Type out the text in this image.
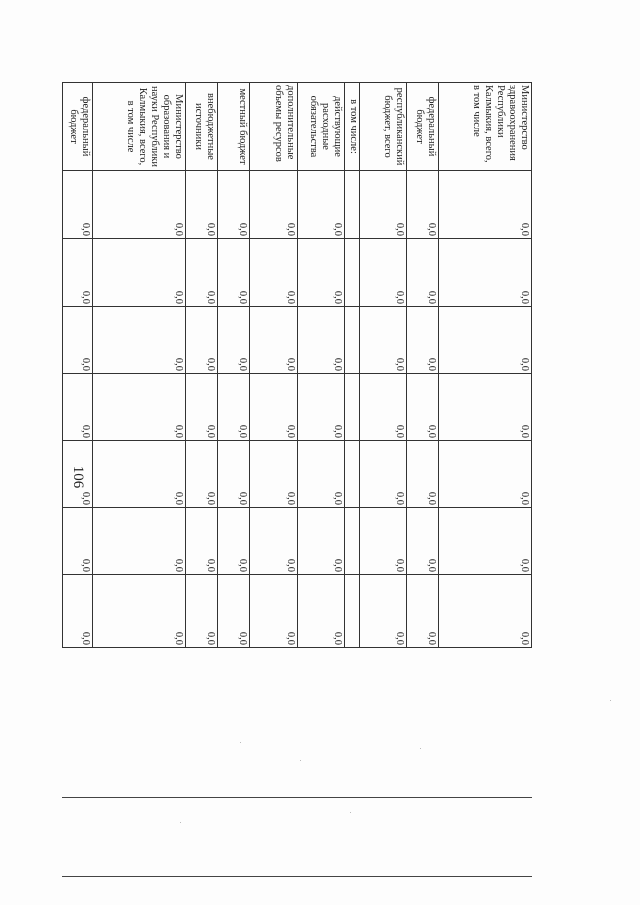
106
Министерство здравоохранения Республики Калмыкия, всего, в том числе	0,0	0,0	0,0	0,0	0,0	0,0	0,0
федеральный бюджет	0,0	0,0	0,0	0,0	0,0	0,0	0,0
республиканский бюджет, всего	0,0	0,0	0,0	0,0	0,0	0,0	0,0
в том числе:							
действующие расходные обязательства	0,0	0,0	0,0	0,0	0,0	0,0	0,0
дополнительные объемы ресурсов	0,0	0,0	0,0	0,0	0,0	0,0	0,0
местный бюджет	0,0	0,0	0,0	0,0	0,0	0,0	0,0
внебюджетные источники	0,0	0,0	0,0	0,0	0,0	0,0	0,0
Министерство образования и науки Республики Калмыкия, всего, в том числе	0,0	0,0	0,0	0,0	0,0	0,0	0,0
федеральный бюджет	0,0	0,0	0,0	0,0	0,0	0,0	0,0
